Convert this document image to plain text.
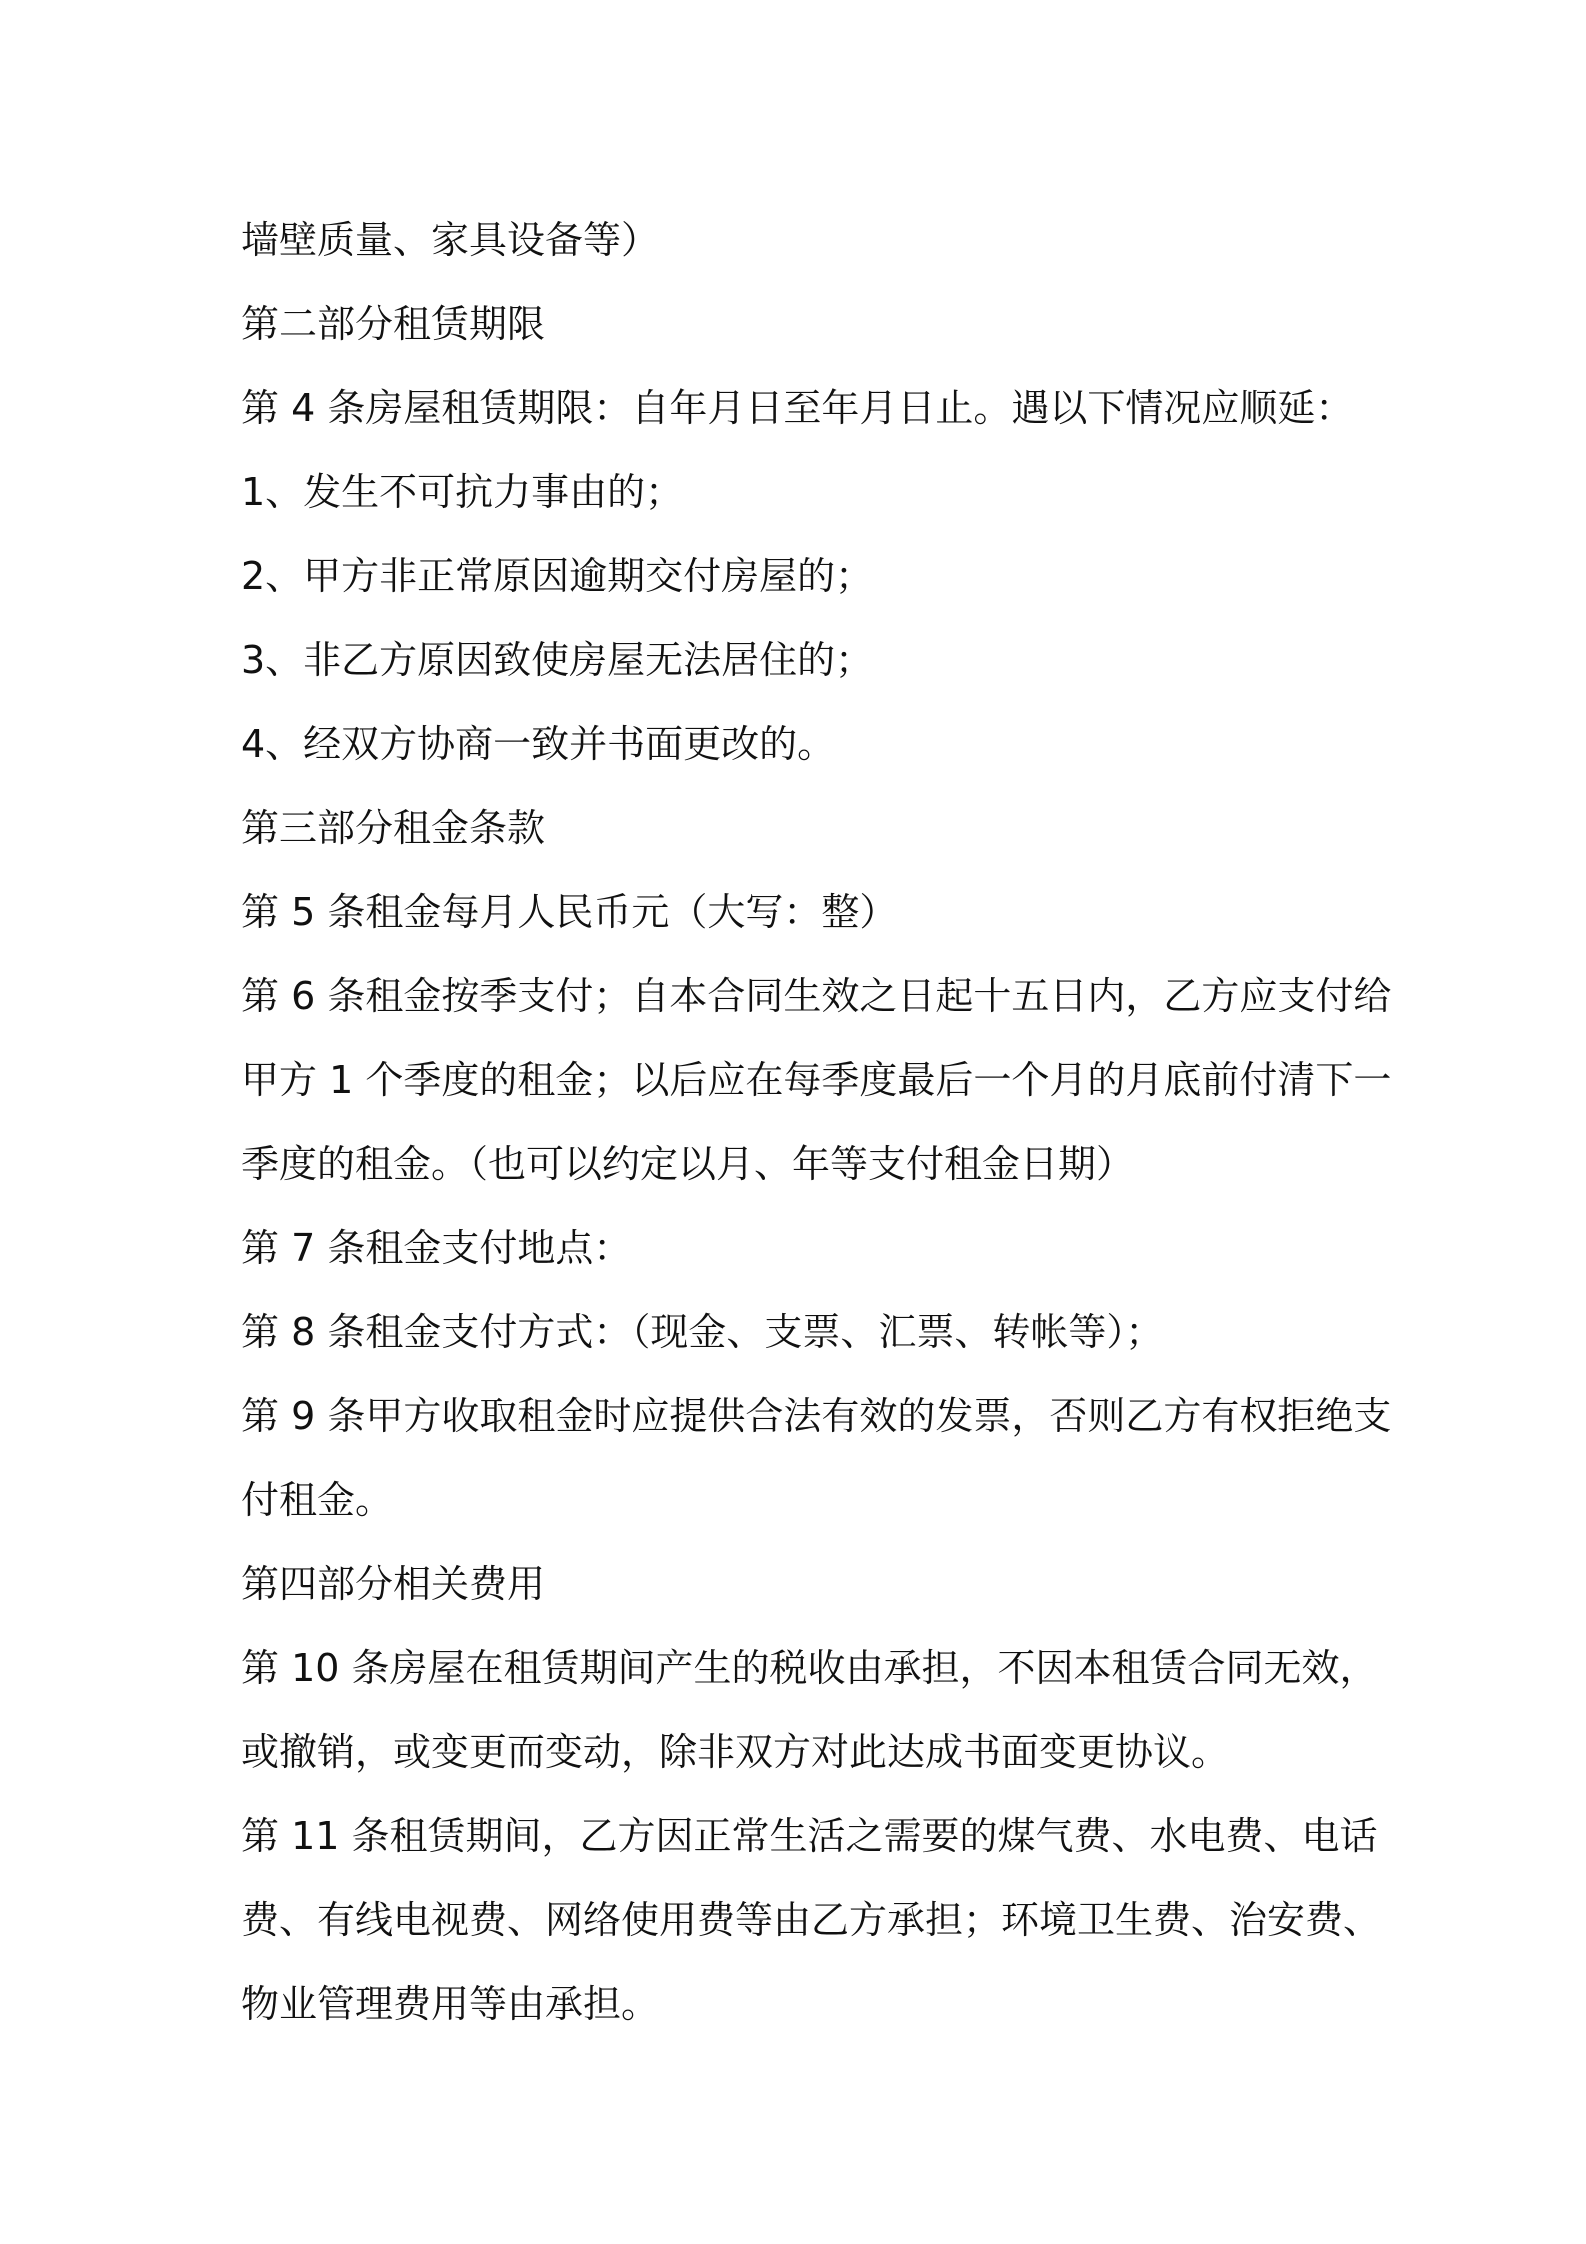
墙壁质量、家具设备等）
第二部分租赁期限
第 4 条房屋租赁期限：自年月日至年月日止。遇以下情况应顺延：
1、发生不可抗力事由的；
2、甲方非正常原因逾期交付房屋的；
3、非乙方原因致使房屋无法居住的；
4、经双方协商一致并书面更改的。
第三部分租金条款
第 5 条租金每月人民币元（大写：整）
第 6 条租金按季支付；自本合同生效之日起十五日内，乙方应支付给
甲方 1 个季度的租金；以后应在每季度最后一个月的月底前付清下一
季度的租金。（也可以约定以月、年等支付租金日期）
第 7 条租金支付地点：
第 8 条租金支付方式：（现金、支票、汇票、转帐等）；
第 9 条甲方收取租金时应提供合法有效的发票，否则乙方有权拒绝支
付租金。
第四部分相关费用
第 10 条房屋在租赁期间产生的税收由承担，不因本租赁合同无效，
或撤销，或变更而变动，除非双方对此达成书面变更协议。
第 11 条租赁期间，乙方因正常生活之需要的煤气费、水电费、电话
费、有线电视费、网络使用费等由乙方承担；环境卫生费、治安费、
物业管理费用等由承担。
